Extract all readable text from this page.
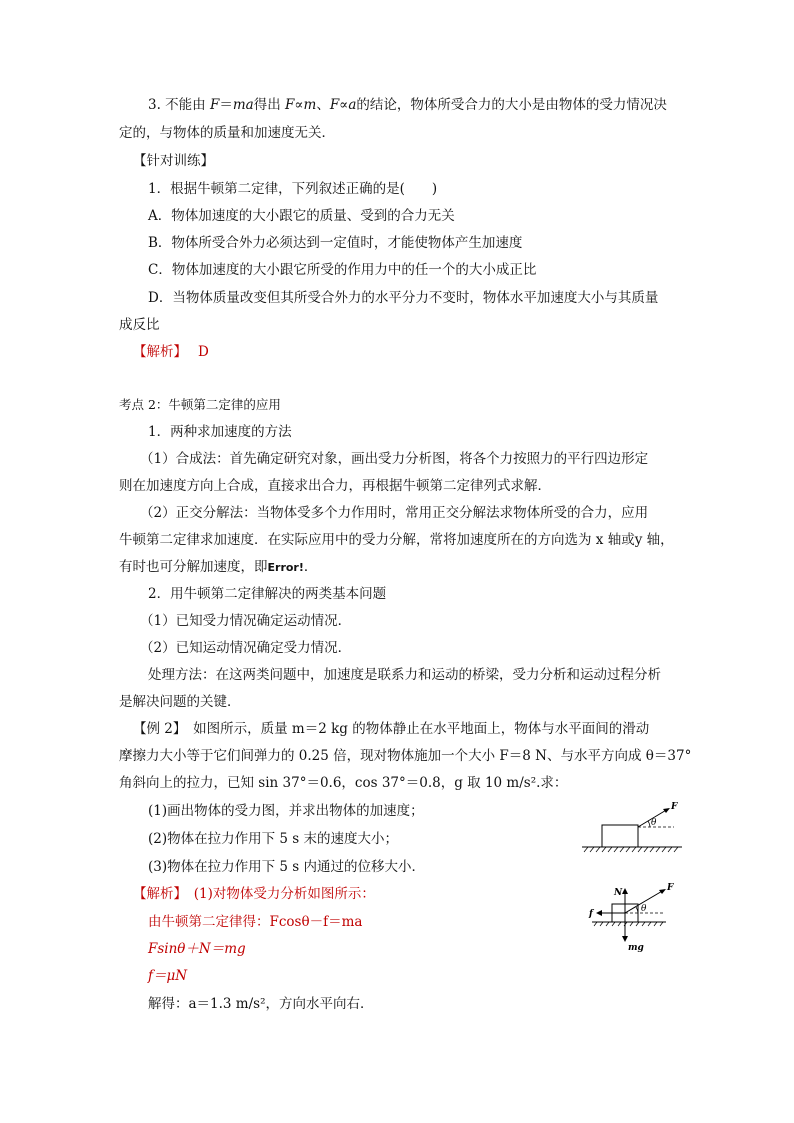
3. 不能由 F＝ma得出 F∝m、F∝a的结论，物体所受合力的大小是由物体的受力情况决
定的，与物体的质量和加速度无关．
【针对训练】
1．根据牛顿第二定律，下列叙述正确的是(　　)
A．物体加速度的大小跟它的质量、受到的合力无关
B．物体所受合外力必须达到一定值时，才能使物体产生加速度
C．物体加速度的大小跟它所受的作用力中的任一个的大小成正比
D．当物体质量改变但其所受合外力的水平分力不变时，物体水平加速度大小与其质量
成反比
【解析】　 D
考点 2：牛顿第二定律的应用
1．两种求加速度的方法
（1）合成法：首先确定研究对象，画出受力分析图，将各个力按照力的平行四边形定
则在加速度方向上合成，直接求出合力，再根据牛顿第二定律列式求解．
（2）正交分解法：当物体受多个力作用时，常用正交分解法求物体所受的合力，应用
牛顿第二定律求加速度．在实际应用中的受力分解，常将加速度所在的方向选为 x 轴或y 轴，
有时也可分解加速度，即Error!．
2．用牛顿第二定律解决的两类基本问题
（1）已知受力情况确定运动情况．
（2）已知运动情况确定受力情况．
处理方法：在这两类问题中，加速度是联系力和运动的桥梁，受力分析和运动过程分析
是解决问题的关键．
【例 2】　如图所示，质量 m＝2 kg 的物体静止在水平地面上，物体与水平面间的滑动
摩擦力大小等于它们间弹力的 0.25 倍，现对物体施加一个大小 F＝8 N、与水平方向成 θ＝37°
角斜向上的拉力，已知 sin 37°＝0.6，cos 37°＝0.8，g 取 10 m/s².求：
(1)画出物体的受力图，并求出物体的加速度；
(2)物体在拉力作用下 5 s 末的速度大小；
(3)物体在拉力作用下 5 s 内通过的位移大小．
【解析】　(1)对物体受力分析如图所示：
由牛顿第二定律得：Fcosθ－f＝ma
Fsinθ＋N＝mg
f＝μN
解得：a＝1.3 m/s²，方向水平向右．
F
θ
N	F
f	θ
mg
